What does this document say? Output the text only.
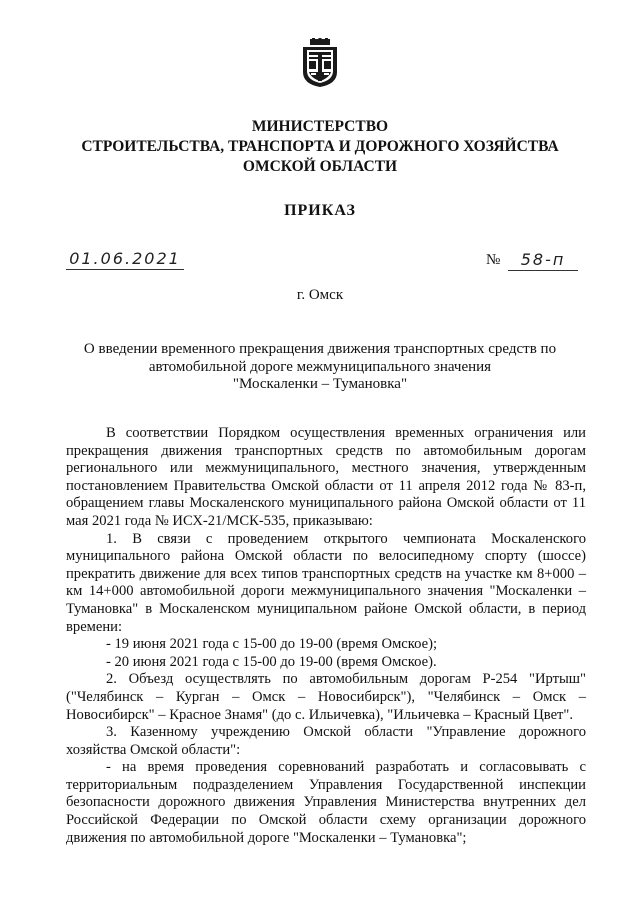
МИНИСТЕРСТВО
СТРОИТЕЛЬСТВА, ТРАНСПОРТА И ДОРОЖНОГО ХОЗЯЙСТВА
ОМСКОЙ ОБЛАСТИ
ПРИКАЗ
01.06.2021	№	58-п

г. Омск

О введении временного прекращения движения транспортных средств по
автомобильной дороге межмуниципального значения
"Москаленки – Тумановка"

В соответствии Порядком осуществления временных ограничения или прекращения движения транспортных средств по автомобильным дорогам регионального или межмуниципального, местного значения, утвержденным постановлением Правительства Омской области от 11 апреля 2012 года № 83-п, обращением главы Москаленского муниципального района Омской области от 11 мая 2021 года № ИСХ-21/МСК-535, приказываю:

1. В связи с проведением открытого чемпионата Москаленского муниципального района Омской области по велосипедному спорту (шоссе) прекратить движение для всех типов транспортных средств на участке км 8+000 – км 14+000 автомобильной дороги межмуниципального значения "Москаленки – Тумановка" в Москаленском муниципальном районе Омской области, в период времени:

- 19 июня 2021 года с 15-00 до 19-00 (время Омское);

- 20 июня 2021 года с 15-00 до 19-00 (время Омское).

2. Объезд осуществлять по автомобильным дорогам Р-254 "Иртыш" ("Челябинск – Курган – Омск – Новосибирск"), "Челябинск – Омск – Новосибирск" – Красное Знамя" (до с. Ильичевка), "Ильичевка – Красный Цвет".

3. Казенному учреждению Омской области "Управление дорожного хозяйства Омской области":

- на время проведения соревнований разработать и согласовывать с территориальным подразделением Управления Государственной инспекции безопасности дорожного движения Управления Министерства внутренних дел Российской Федерации по Омской области схему организации дорожного движения по автомобильной дороге "Москаленки – Тумановка";
